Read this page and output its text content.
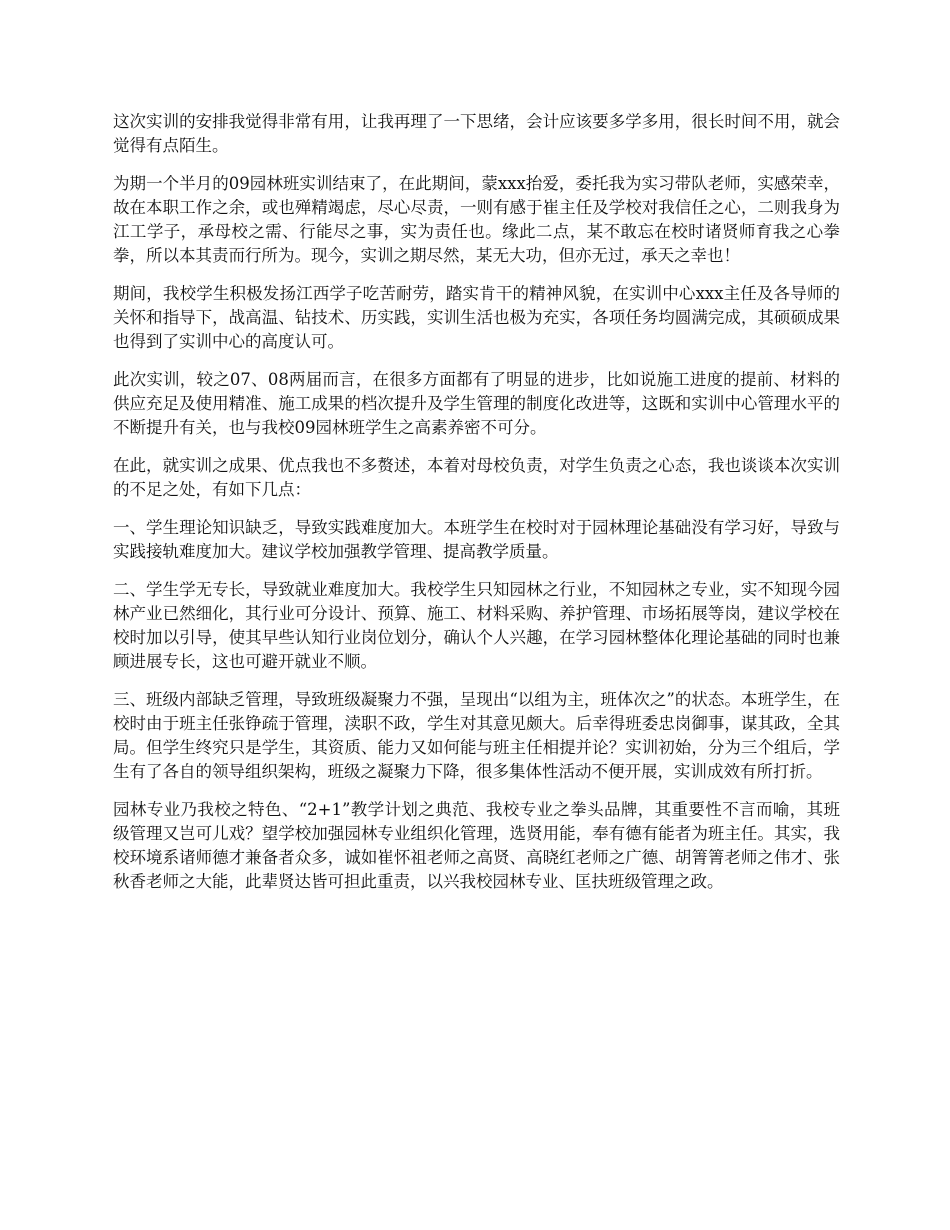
这次实训的安排我觉得非常有用，让我再理了一下思绪，会计应该要多学多用，很长时间不用，就会觉得有点陌生。

为期一个半月的09园林班实训结束了，在此期间，蒙xxx抬爱，委托我为实习带队老师，实感荣幸，故在本职工作之余，或也殚精竭虑，尽心尽责，一则有感于崔主任及学校对我信任之心，二则我身为江工学子，承母校之需、行能尽之事，实为责任也。缘此二点，某不敢忘在校时诸贤师育我之心拳拳，所以本其责而行所为。现今，实训之期尽然，某无大功，但亦无过，承天之幸也！

期间，我校学生积极发扬江西学子吃苦耐劳，踏实肯干的精神风貌，在实训中心xxx主任及各导师的关怀和指导下，战高温、钻技术、历实践，实训生活也极为充实，各项任务均圆满完成，其硕硕成果也得到了实训中心的高度认可。

此次实训，较之07、08两届而言，在很多方面都有了明显的进步，比如说施工进度的提前、材料的供应充足及使用精准、施工成果的档次提升及学生管理的制度化改进等，这既和实训中心管理水平的不断提升有关，也与我校09园林班学生之高素养密不可分。

在此，就实训之成果、优点我也不多赘述，本着对母校负责，对学生负责之心态，我也谈谈本次实训的不足之处，有如下几点：

一、学生理论知识缺乏，导致实践难度加大。本班学生在校时对于园林理论基础没有学习好，导致与实践接轨难度加大。建议学校加强教学管理、提高教学质量。

二、学生学无专长，导致就业难度加大。我校学生只知园林之行业，不知园林之专业，实不知现今园林产业已然细化，其行业可分设计、预算、施工、材料采购、养护管理、市场拓展等岗，建议学校在校时加以引导，使其早些认知行业岗位划分，确认个人兴趣，在学习园林整体化理论基础的同时也兼顾进展专长，这也可避开就业不顺。

三、班级内部缺乏管理，导致班级凝聚力不强，呈现出“以组为主，班体次之”的状态。本班学生，在校时由于班主任张铮疏于管理，渎职不政，学生对其意见颇大。后幸得班委忠岗御事，谋其政，全其局。但学生终究只是学生，其资质、能力又如何能与班主任相提并论？实训初始，分为三个组后，学生有了各自的领导组织架构，班级之凝聚力下降，很多集体性活动不便开展，实训成效有所打折。

园林专业乃我校之特色、“2+1”教学计划之典范、我校专业之拳头品牌，其重要性不言而喻，其班级管理又岂可儿戏？望学校加强园林专业组织化管理，选贤用能，奉有德有能者为班主任。其实，我校环境系诸师德才兼备者众多，诚如崔怀祖老师之高贤、高晓红老师之广德、胡箐箐老师之伟才、张秋香老师之大能，此辈贤达皆可担此重责，以兴我校园林专业、匡扶班级管理之政。
